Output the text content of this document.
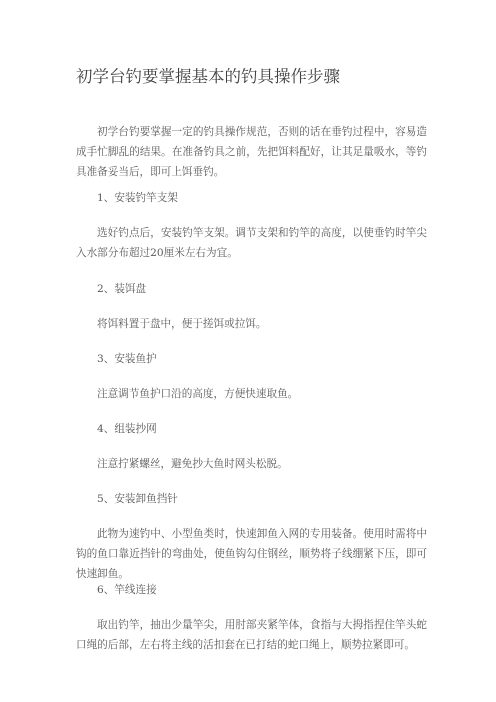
初学台钓要掌握基本的钓具操作步骤

初学台钓要掌握一定的钓具操作规范，否则的话在垂钓过程中，容易造成手忙脚乱的结果。在准备钓具之前，先把饵料配好，让其足量吸水，等钓具准备妥当后，即可上饵垂钓。

1、安装钓竿支架

选好钓点后，安装钓竿支架。调节支架和钓竿的高度，以使垂钓时竿尖入水部分布超过20厘米左右为宜。

2、装饵盘

将饵料置于盘中，便于搓饵或拉饵。

3、安装鱼护

注意调节鱼护口沿的高度，方便快速取鱼。

4、组装抄网

注意拧紧螺丝，避免抄大鱼时网头松脱。

5、安装卸鱼挡针

此物为速钓中、小型鱼类时，快速卸鱼入网的专用装备。使用时需将中钩的鱼口靠近挡针的弯曲处，使鱼钩勾住钢丝，顺势将子线绷紧下压，即可快速卸鱼。

6、竿线连接

取出钓竿，抽出少量竿尖，用肘部夹紧竿体，食指与大拇指捏住竿头蛇口绳的后部，左右将主线的活扣套在已打结的蛇口绳上，顺势拉紧即可。
